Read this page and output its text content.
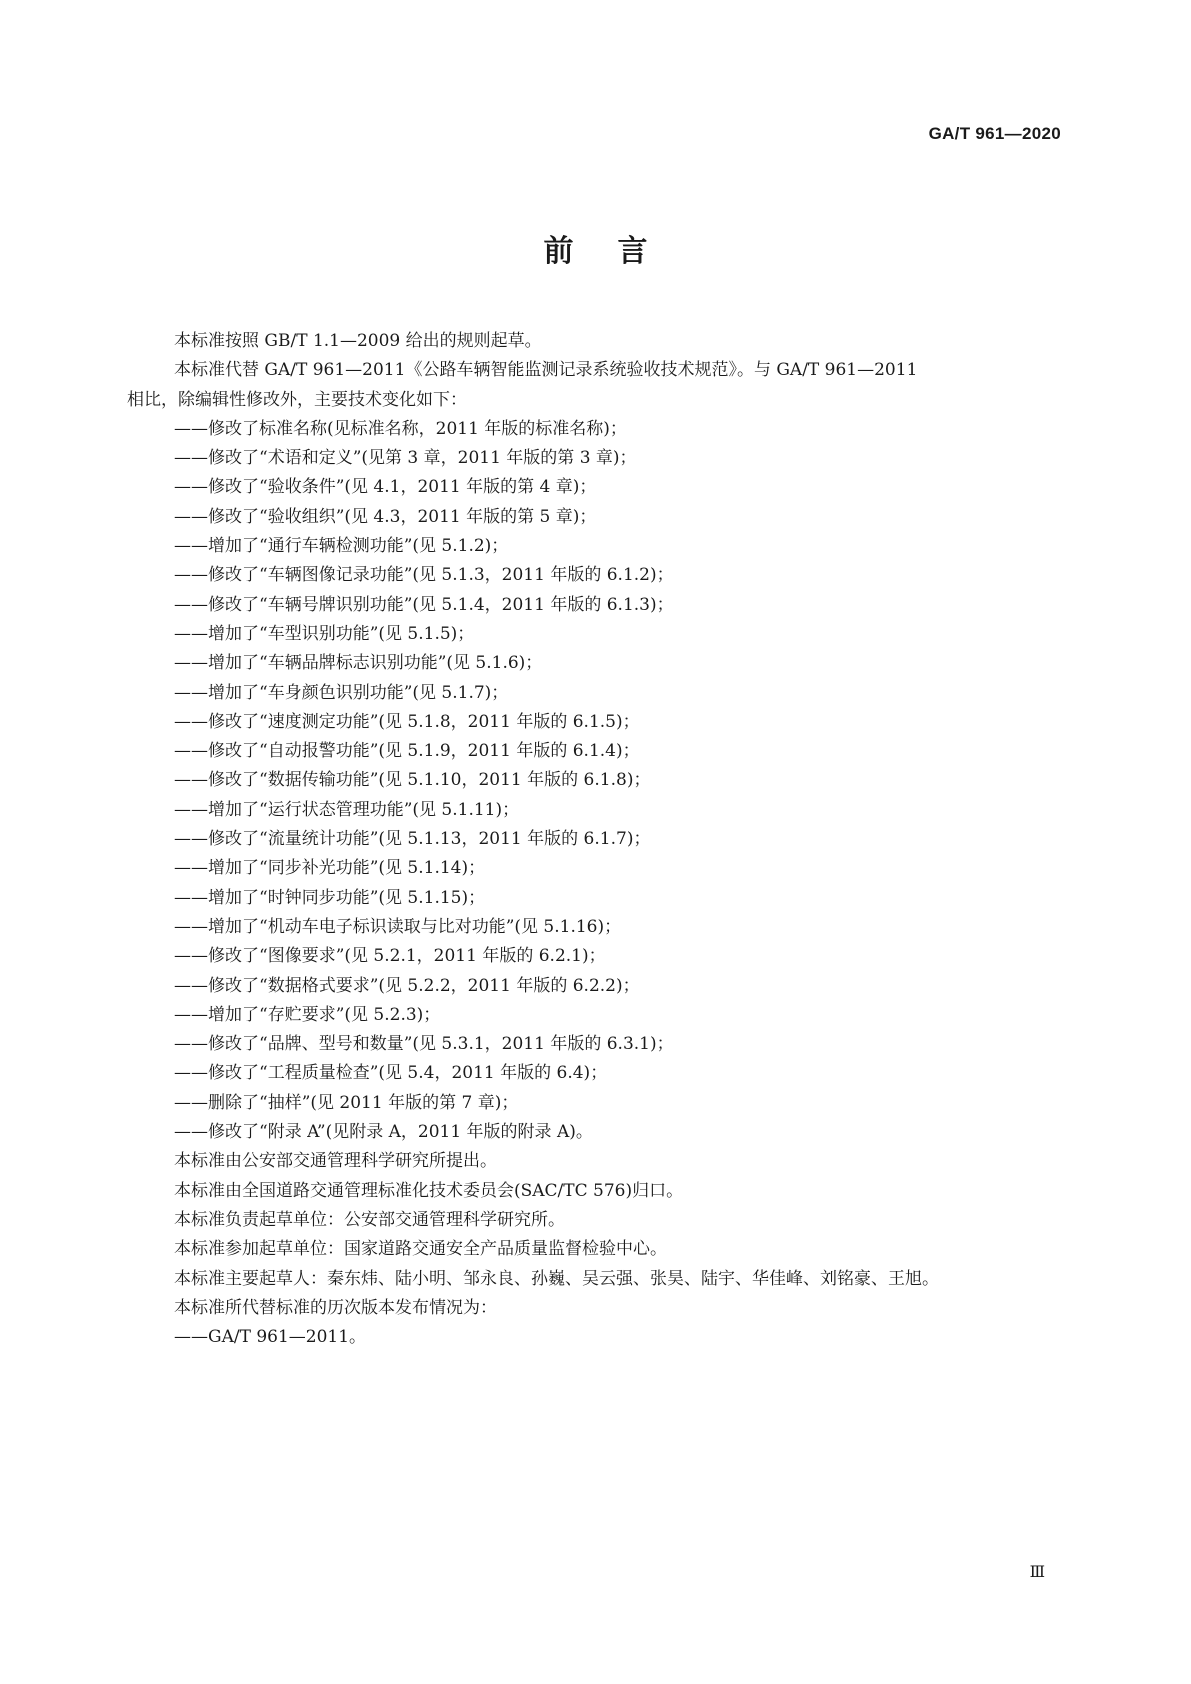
GA/T 961—2020
前言
本标准按照 GB/T 1.1—2009 给出的规则起草。
本标准代替 GA/T 961—2011《公路车辆智能监测记录系统验收技术规范》。与 GA/T 961—2011
相比，除编辑性修改外，主要技术变化如下：
——修改了标准名称(见标准名称，2011 年版的标准名称)；
——修改了“术语和定义”(见第 3 章，2011 年版的第 3 章)；
——修改了“验收条件”(见 4.1，2011 年版的第 4 章)；
——修改了“验收组织”(见 4.3，2011 年版的第 5 章)；
——增加了“通行车辆检测功能”(见 5.1.2)；
——修改了“车辆图像记录功能”(见 5.1.3，2011 年版的 6.1.2)；
——修改了“车辆号牌识别功能”(见 5.1.4，2011 年版的 6.1.3)；
——增加了“车型识别功能”(见 5.1.5)；
——增加了“车辆品牌标志识别功能”(见 5.1.6)；
——增加了“车身颜色识别功能”(见 5.1.7)；
——修改了“速度测定功能”(见 5.1.8，2011 年版的 6.1.5)；
——修改了“自动报警功能”(见 5.1.9，2011 年版的 6.1.4)；
——修改了“数据传输功能”(见 5.1.10，2011 年版的 6.1.8)；
——增加了“运行状态管理功能”(见 5.1.11)；
——修改了“流量统计功能”(见 5.1.13，2011 年版的 6.1.7)；
——增加了“同步补光功能”(见 5.1.14)；
——增加了“时钟同步功能”(见 5.1.15)；
——增加了“机动车电子标识读取与比对功能”(见 5.1.16)；
——修改了“图像要求”(见 5.2.1，2011 年版的 6.2.1)；
——修改了“数据格式要求”(见 5.2.2，2011 年版的 6.2.2)；
——增加了“存贮要求”(见 5.2.3)；
——修改了“品牌、型号和数量”(见 5.3.1，2011 年版的 6.3.1)；
——修改了“工程质量检查”(见 5.4，2011 年版的 6.4)；
——删除了“抽样”(见 2011 年版的第 7 章)；
——修改了“附录 A”(见附录 A，2011 年版的附录 A)。
本标准由公安部交通管理科学研究所提出。
本标准由全国道路交通管理标准化技术委员会(SAC/TC 576)归口。
本标准负责起草单位：公安部交通管理科学研究所。
本标准参加起草单位：国家道路交通安全产品质量监督检验中心。
本标准主要起草人：秦东炜、陆小明、邹永良、孙巍、吴云强、张昊、陆宇、华佳峰、刘铭豪、王旭。
本标准所代替标准的历次版本发布情况为：
——GA/T 961—2011。
Ⅲ
